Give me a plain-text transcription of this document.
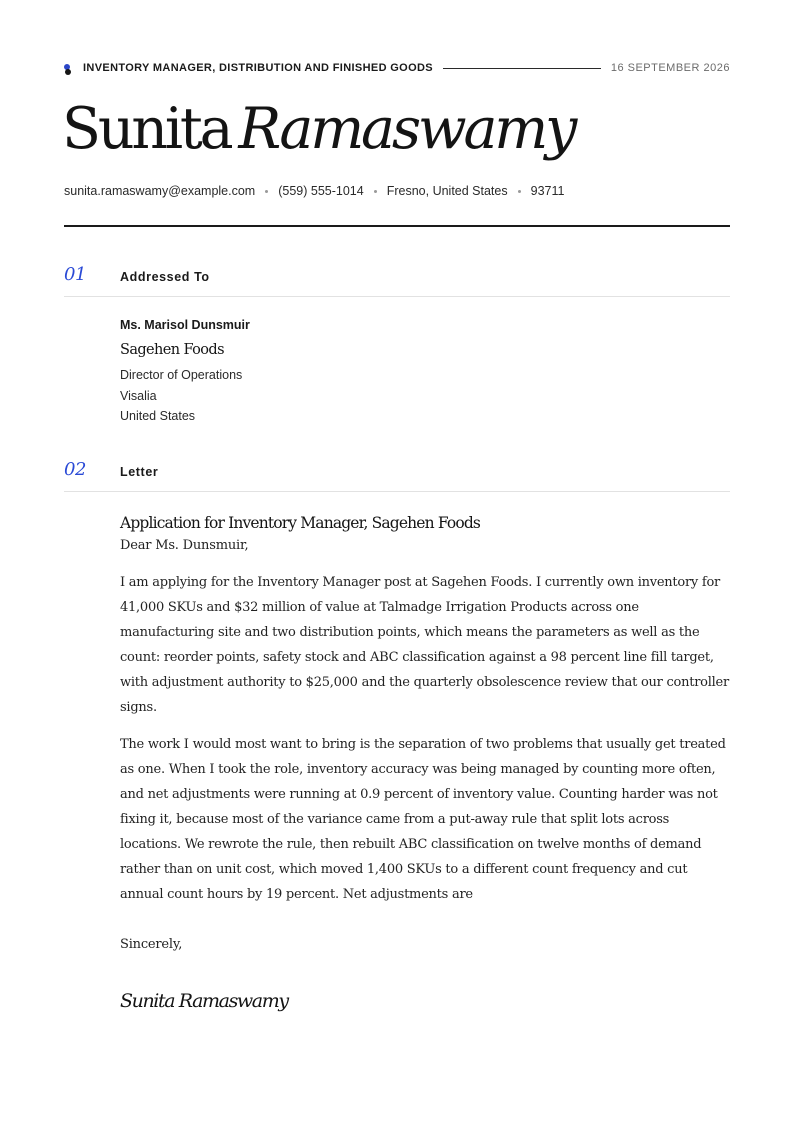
INVENTORY MANAGER, DISTRIBUTION AND FINISHED GOODS	16 SEPTEMBER 2026
Sunita Ramaswamy
sunita.ramaswamy@example.com (559) 555-1014 Fresno, United States 93711
01	Addressed To
Ms. Marisol Dunsmuir
Sagehen Foods
Director of Operations
Visalia
United States
02	Letter
Application for Inventory Manager, Sagehen Foods
Dear Ms. Dunsmuir,
I am applying for the Inventory Manager post at Sagehen Foods. I currently own inventory for 41,000 SKUs and $32 million of value at Talmadge Irrigation Products across one manufacturing site and two distribution points, which means the parameters as well as the count: reorder points, safety stock and ABC classification against a 98 percent line fill target, with adjustment authority to $25,000 and the quarterly obsolescence review that our controller signs.
The work I would most want to bring is the separation of two problems that usually get treated as one. When I took the role, inventory accuracy was being managed by counting more often, and net adjustments were running at 0.9 percent of inventory value. Counting harder was not fixing it, because most of the variance came from a put-away rule that split lots across locations. We rewrote the rule, then rebuilt ABC classification on twelve months of demand rather than on unit cost, which moved 1,400 SKUs to a different count frequency and cut annual count hours by 19 percent. Net adjustments are
Sincerely,
Sunita Ramaswamy
